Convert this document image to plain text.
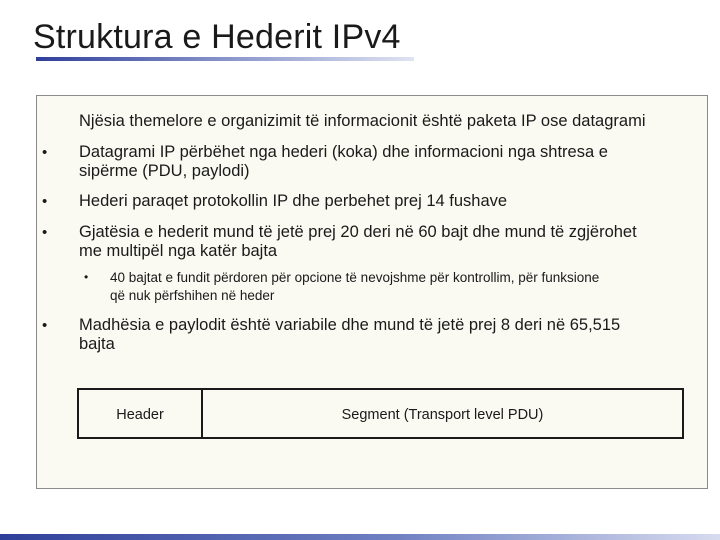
Struktura e Hederit IPv4
Njësia themelore e organizimit të informacionit është paketa IP ose datagrami
• Datagrami IP përbëhet nga hederi (koka) dhe informacioni nga shtresa e
sipërme (PDU, paylodi)
• Hederi paraqet protokollin IP dhe perbehet prej 14 fushave
• Gjatësia e hederit mund të jetë prej 20 deri në 60 bajt dhe mund të zgjërohet
me multipël nga katër bajta
• 40 bajtat e fundit përdoren për opcione të nevojshme për kontrollim, për funksione
që nuk përfshihen në heder
• Madhësia e paylodit është variabile dhe mund të jetë prej 8 deri në 65,515
bajta
Header	Segment (Transport level PDU)
